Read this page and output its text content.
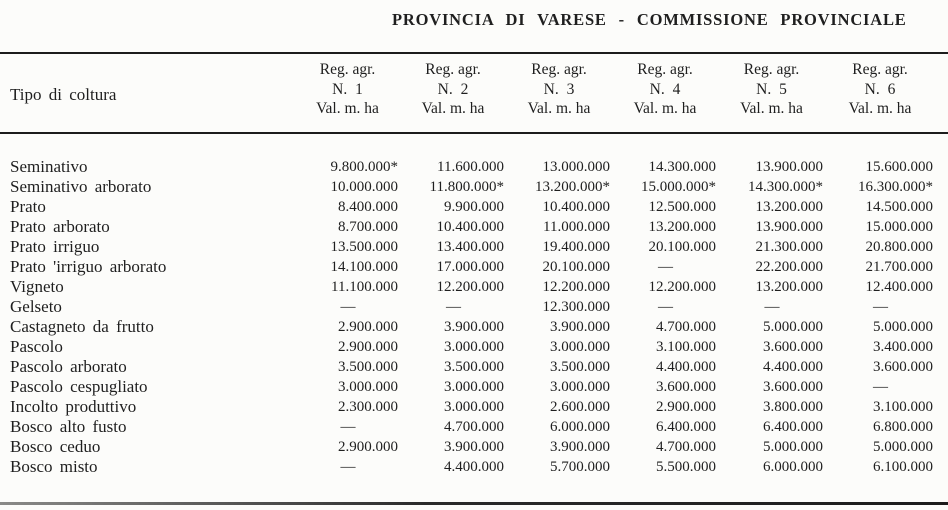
PROVINCIA DI VARESE - COMMISSIONE PROVINCIALE
Tipo di coltura
Reg. agr.
N. 1
Val. m. ha
Reg. agr.
N. 2
Val. m. ha
Reg. agr.
N. 3
Val. m. ha
Reg. agr.
N. 4
Val. m. ha
Reg. agr.
N. 5
Val. m. ha
Reg. agr.
N. 6
Val. m. ha
Seminativo	9.800.000*	11.600.000	13.000.000	14.300.000	13.900.000	15.600.000
Seminativo arborato	10.000.000	11.800.000*	13.200.000*	15.000.000*	14.300.000*	16.300.000*
Prato	8.400.000	9.900.000	10.400.000	12.500.000	13.200.000	14.500.000
Prato arborato	8.700.000	10.400.000	11.000.000	13.200.000	13.900.000	15.000.000
Prato irriguo	13.500.000	13.400.000	19.400.000	20.100.000	21.300.000	20.800.000
Prato 'irriguo arborato	14.100.000	17.000.000	20.100.000	—	22.200.000	21.700.000
Vigneto	11.100.000	12.200.000	12.200.000	12.200.000	13.200.000	12.400.000
Gelseto	—	—	12.300.000	—	—	—
Castagneto da frutto	2.900.000	3.900.000	3.900.000	4.700.000	5.000.000	5.000.000
Pascolo	2.900.000	3.000.000	3.000.000	3.100.000	3.600.000	3.400.000
Pascolo arborato	3.500.000	3.500.000	3.500.000	4.400.000	4.400.000	3.600.000
Pascolo cespugliato	3.000.000	3.000.000	3.000.000	3.600.000	3.600.000	—
Incolto produttivo	2.300.000	3.000.000	2.600.000	2.900.000	3.800.000	3.100.000
Bosco alto fusto	—	4.700.000	6.000.000	6.400.000	6.400.000	6.800.000
Bosco ceduo	2.900.000	3.900.000	3.900.000	4.700.000	5.000.000	5.000.000
Bosco misto	—	4.400.000	5.700.000	5.500.000	6.000.000	6.100.000
